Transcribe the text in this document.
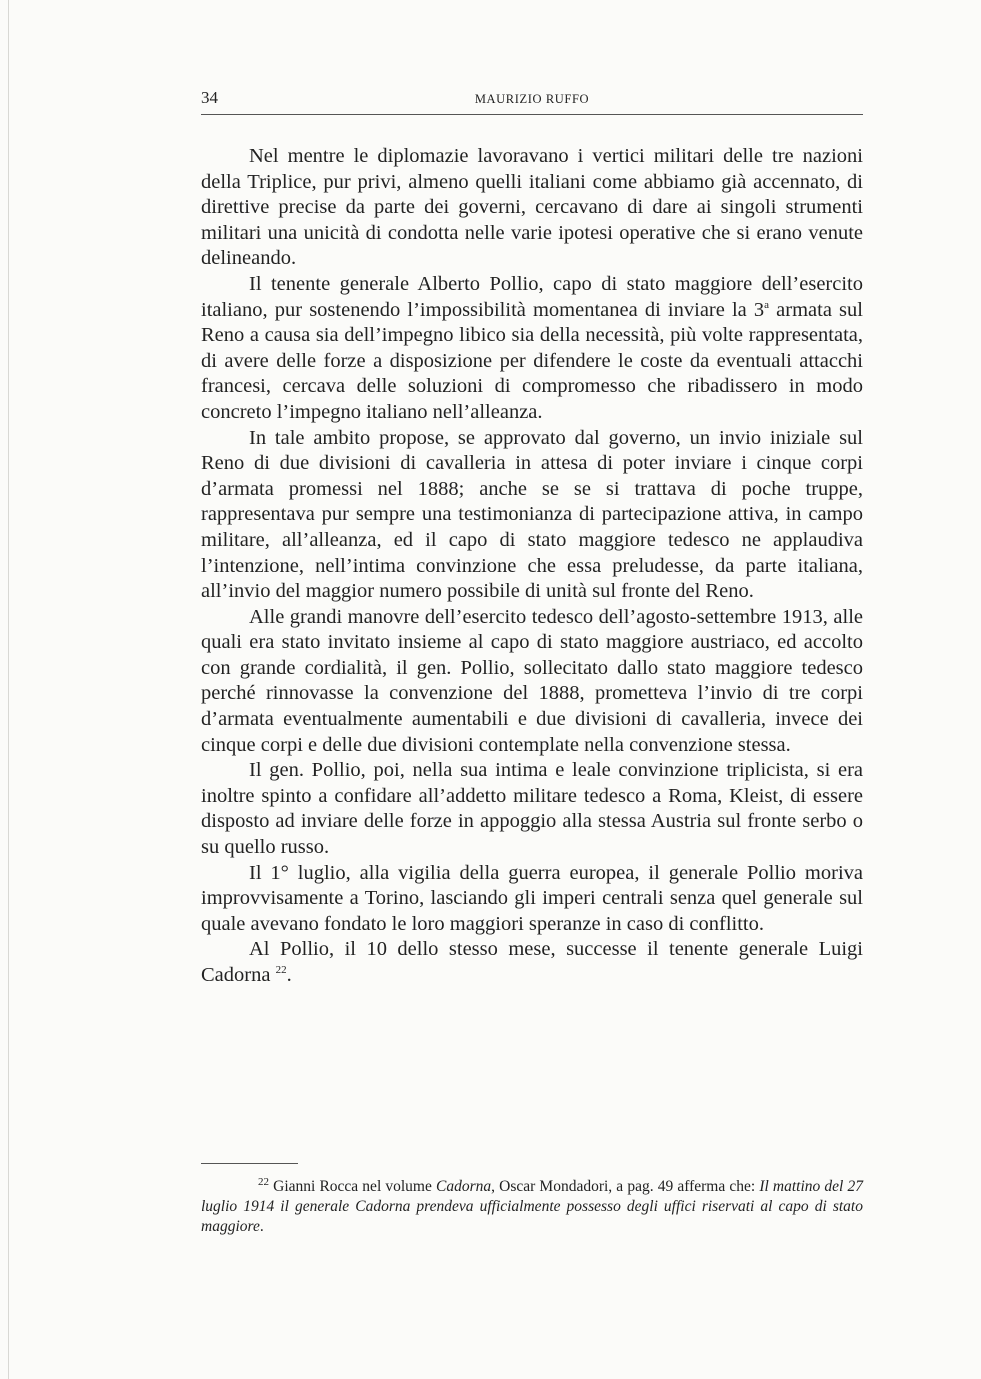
34	MAURIZIO RUFFO

Nel mentre le diplomazie lavoravano i vertici militari delle tre nazioni della Triplice, pur privi, almeno quelli italiani come abbiamo già accennato, di direttive precise da parte dei governi, cercavano di dare ai singoli strumenti militari una unicità di condotta nelle varie ipotesi operative che si erano venute delineando.

Il tenente generale Alberto Pollio, capo di stato maggiore dell’esercito italiano, pur sostenendo l’impossibilità momentanea di inviare la 3$^a$ armata sul Reno a causa sia dell’impegno libico sia della necessità, più volte rappresentata, di avere delle forze a disposizione per difendere le coste da eventuali attacchi francesi, cercava delle soluzioni di compromesso che ribadissero in modo concreto l’impegno italiano nell’alleanza.

In tale ambito propose, se approvato dal governo, un invio iniziale sul Reno di due divisioni di cavalleria in attesa di poter inviare i cinque corpi d’armata promessi nel 1888; anche se se si trattava di poche truppe, rappresentava pur sempre una testimonianza di partecipazione attiva, in campo militare, all’alleanza, ed il capo di stato maggiore tedesco ne applaudiva l’intenzione, nell’intima convinzione che essa preludesse, da parte italiana, all’invio del maggior numero possibile di unità sul fronte del Reno.

Alle grandi manovre dell’esercito tedesco dell’agosto-settembre 1913, alle quali era stato invitato insieme al capo di stato maggiore austriaco, ed accolto con grande cordialità, il gen. Pollio, sollecitato dallo stato maggiore tedesco perché rinnovasse la convenzione del 1888, prometteva l’invio di tre corpi d’armata eventualmente aumentabili e due divisioni di cavalleria, invece dei cinque corpi e delle due divisioni contemplate nella convenzione stessa.

Il gen. Pollio, poi, nella sua intima e leale convinzione triplicista, si era inoltre spinto a confidare all’addetto militare tedesco a Roma, Kleist, di essere disposto ad inviare delle forze in appoggio alla stessa Austria sul fronte serbo o su quello russo.

Il 1° luglio, alla vigilia della guerra europea, il generale Pollio moriva improvvisamente a Torino, lasciando gli imperi centrali senza quel generale sul quale avevano fondato le loro maggiori speranze in caso di conflitto.

Al Pollio, il 10 dello stesso mese, successe il tenente generale Luigi Cadorna $^{22}$.

$^{22}$ Gianni Rocca nel volume Cadorna, Oscar Mondadori, a pag. 49 afferma che: Il mattino del 27 luglio 1914 il generale Cadorna prendeva ufficialmente possesso degli uffici riservati al capo di stato maggiore.
